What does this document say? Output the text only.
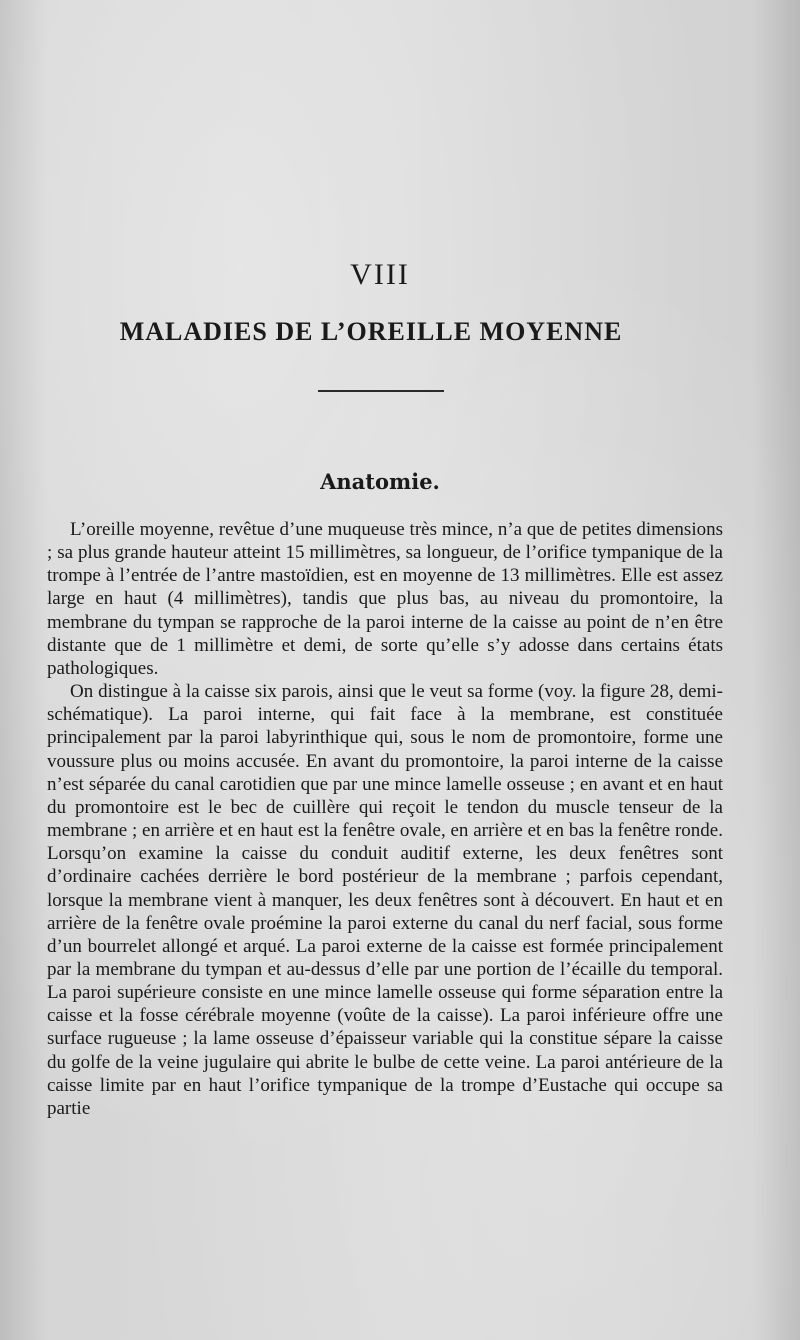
VIII
MALADIES DE L’OREILLE MOYENNE
Anatomie.

L’oreille moyenne, revêtue d’une muqueuse très mince, n’a que de petites dimensions ; sa plus grande hauteur atteint 15 millimètres, sa longueur, de l’orifice tympanique de la trompe à l’entrée de l’antre mastoïdien, est en moyenne de 13 millimètres. Elle est assez large en haut (4 millimètres), tandis que plus bas, au niveau du promontoire, la membrane du tympan se rapproche de la paroi interne de la caisse au point de n’en être distante que de 1 millimètre et demi, de sorte qu’elle s’y adosse dans certains états pathologiques.

On distingue à la caisse six parois, ainsi que le veut sa forme (voy. la figure 28, demi-schématique). La paroi interne, qui fait face à la membrane, est constituée principalement par la paroi labyrinthique qui, sous le nom de promontoire, forme une voussure plus ou moins accusée. En avant du promontoire, la paroi interne de la caisse n’est séparée du canal carotidien que par une mince lamelle osseuse ; en avant et en haut du promontoire est le bec de cuillère qui reçoit le tendon du muscle tenseur de la membrane ; en arrière et en haut est la fenêtre ovale, en arrière et en bas la fenêtre ronde. Lorsqu’on examine la caisse du conduit auditif externe, les deux fenêtres sont d’ordinaire cachées derrière le bord postérieur de la membrane ; parfois cependant, lorsque la membrane vient à manquer, les deux fenêtres sont à découvert. En haut et en arrière de la fenêtre ovale proémine la paroi externe du canal du nerf facial, sous forme d’un bourrelet allongé et arqué. La paroi externe de la caisse est formée principalement par la membrane du tympan et au-dessus d’elle par une portion de l’écaille du temporal. La paroi supérieure consiste en une mince lamelle osseuse qui forme séparation entre la caisse et la fosse cérébrale moyenne (voûte de la caisse). La paroi inférieure offre une surface rugueuse ; la lame osseuse d’épaisseur variable qui la constitue sépare la caisse du golfe de la veine jugulaire qui abrite le bulbe de cette veine. La paroi antérieure de la caisse limite par en haut l’orifice tympanique de la trompe d’Eustache qui occupe sa partie
